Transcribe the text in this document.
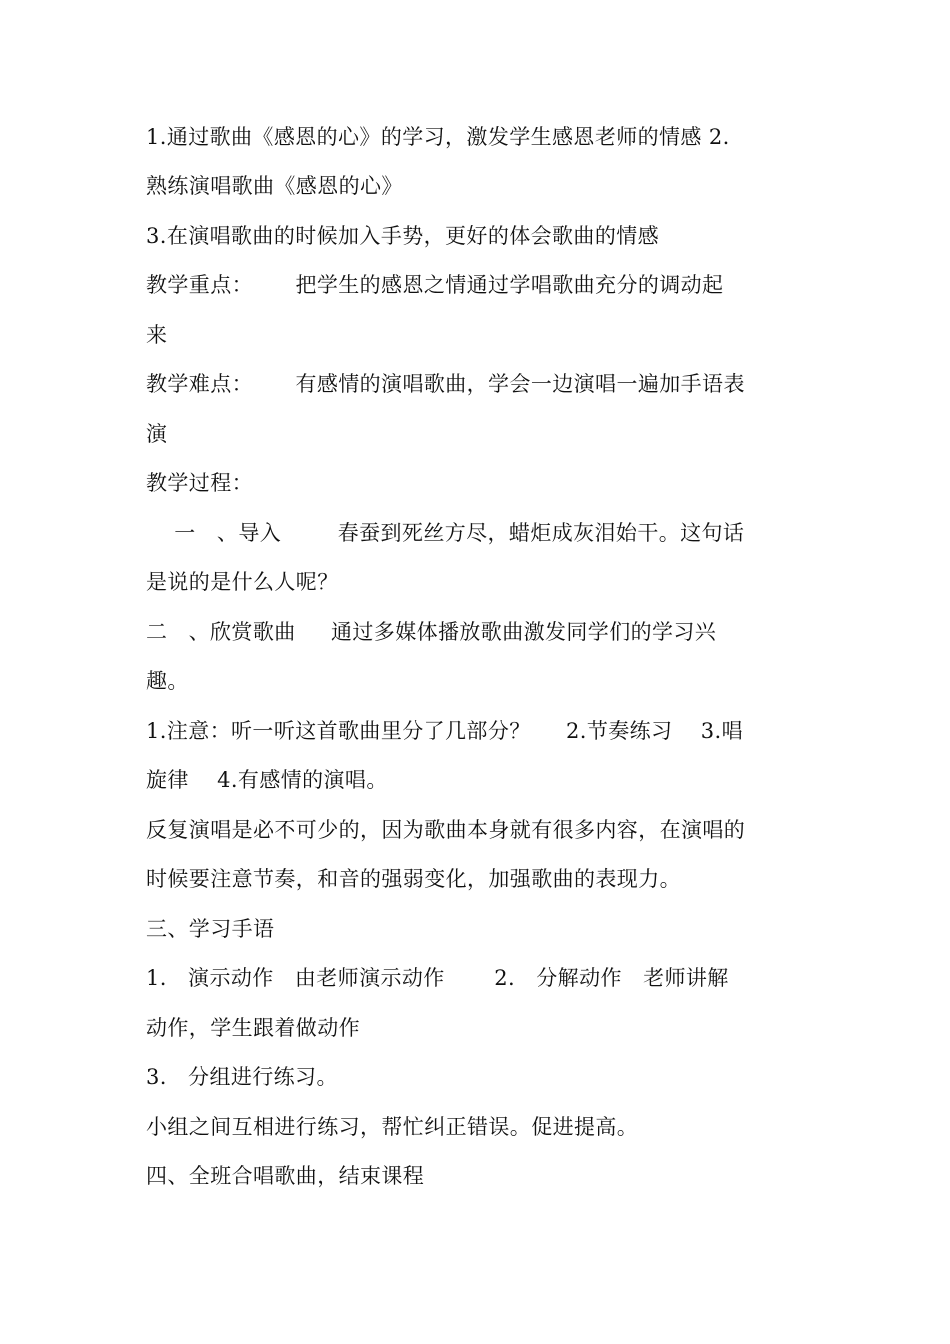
1.通过歌曲《感恩的心》的学习，激发学生感恩老师的情感 2.
熟练演唱歌曲《感恩的心》
3.在演唱歌曲的时候加入手势，更好的体会歌曲的情感
教学重点：      把学生的感恩之情通过学唱歌曲充分的调动起
来
教学难点：      有感情的演唱歌曲，学会一边演唱一遍加手语表
演
教学过程：
一   、导入        春蚕到死丝方尽，蜡炬成灰泪始干。这句话
是说的是什么人呢？
二   、欣赏歌曲     通过多媒体播放歌曲激发同学们的学习兴
趣。
1.注意：听一听这首歌曲里分了几部分？     2.节奏练习    3.唱
旋律    4.有感情的演唱。
反复演唱是必不可少的，因为歌曲本身就有很多内容，在演唱的
时候要注意节奏，和音的强弱变化，加强歌曲的表现力。
三、学习手语
1.   演示动作   由老师演示动作       2.   分解动作   老师讲解
动作，学生跟着做动作
3.   分组进行练习。
小组之间互相进行练习，帮忙纠正错误。促进提高。
四、全班合唱歌曲，结束课程
